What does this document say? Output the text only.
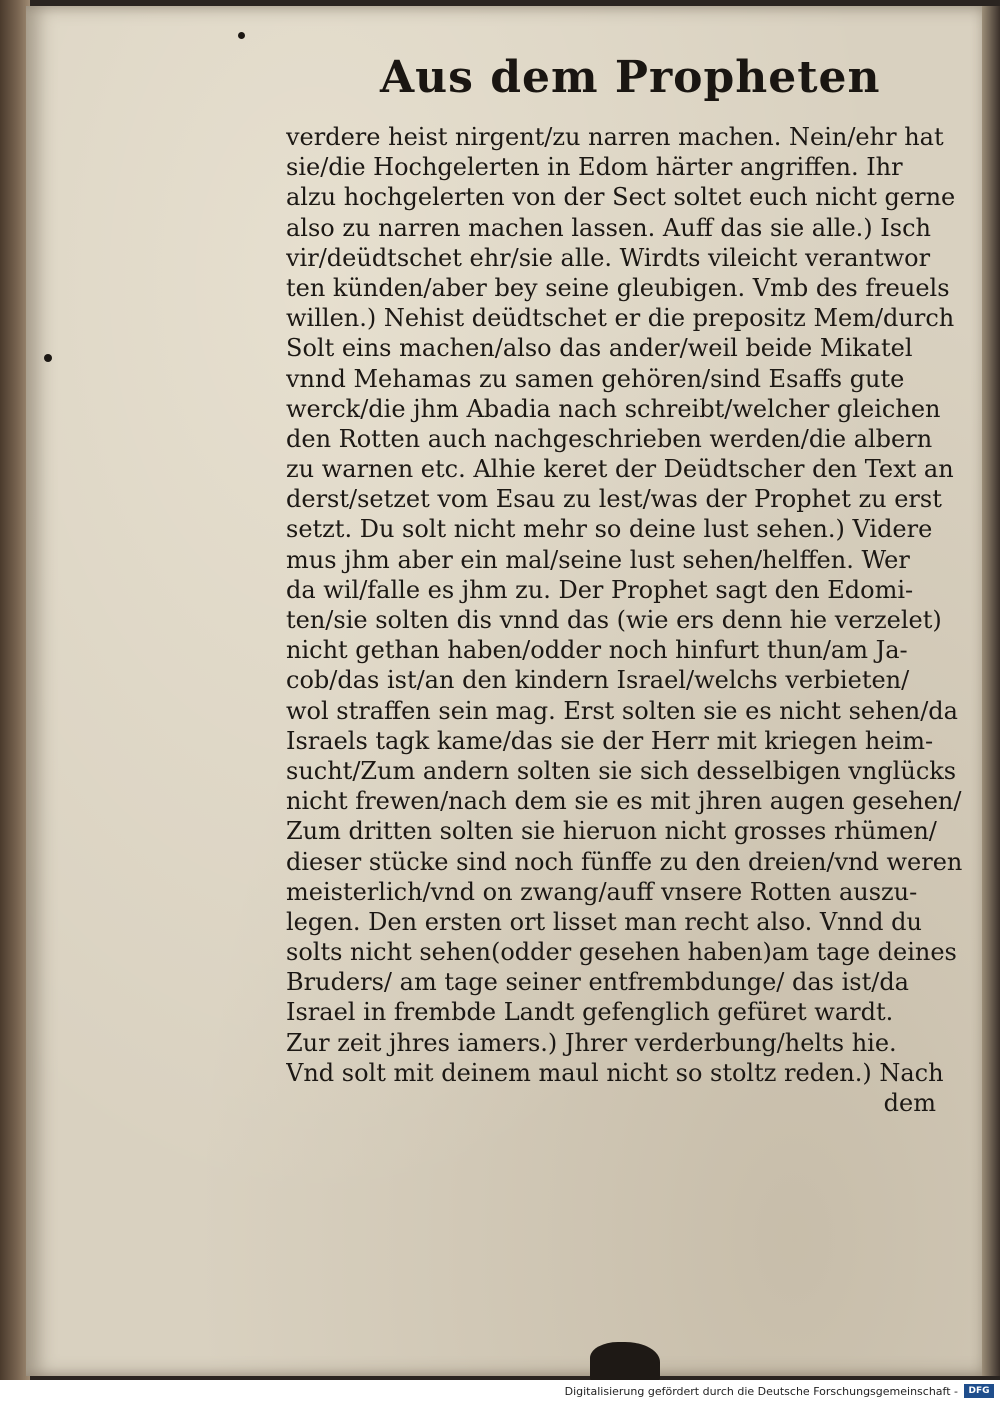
Aus dem Propheten
verdere heist nirgent/zu narren machen. Nein/ehr hat
sie/die Hochgelerten in Edom härter angriffen. Ihr
alzu hochgelerten von der Sect soltet euch nicht gerne
also zu narren machen lassen. Auff das sie alle.) Isch
vir/deüdtschet ehr/sie alle. Wirdts vileicht verantwor
ten künden/aber bey seine gleubigen. Vmb des freuels
willen.) Nehist deüdtschet er die prepositz Mem/durch
Solt eins machen/also das ander/weil beide Mikatel
vnnd Mehamas zu samen gehören/sind Esaffs gute
werck/die jhm Abadia nach schreibt/welcher gleichen
den Rotten auch nachgeschrieben werden/die albern
zu warnen etc. Alhie keret der Deüdtscher den Text an
derst/setzet vom Esau zu lest/was der Prophet zu erst
setzt. Du solt nicht mehr so deine lust sehen.) Videre
mus jhm aber ein mal/seine lust sehen/helffen. Wer
da wil/falle es jhm zu. Der Prophet sagt den Edomi-
ten/sie solten dis vnnd das (wie ers denn hie verzelet)
nicht gethan haben/odder noch hinfurt thun/am Ja-
cob/das ist/an den kindern Israel/welchs verbieten/
wol straffen sein mag. Erst solten sie es nicht sehen/da
Israels tagk kame/das sie der Herr mit kriegen heim-
sucht/Zum andern solten sie sich desselbigen vnglücks
nicht frewen/nach dem sie es mit jhren augen gesehen/
Zum dritten solten sie hieruon nicht grosses rhümen/
dieser stücke sind noch fünffe zu den dreien/vnd weren
meisterlich/vnd on zwang/auff vnsere Rotten auszu-
legen. Den ersten ort lisset man recht also. Vnnd du
solts nicht sehen(odder gesehen haben)am tage deines
Bruders/ am tage seiner entfrembdunge/ das ist/da
Israel in frembde Landt gefenglich gefüret wardt.
Zur zeit jhres iamers.) Jhrer verderbung/helts hie.
Vnd solt mit deinem maul nicht so stoltz reden.) Nach
dem
Digitalisierung gefördert durch die Deutsche Forschungsgemeinschaft -	DFG
